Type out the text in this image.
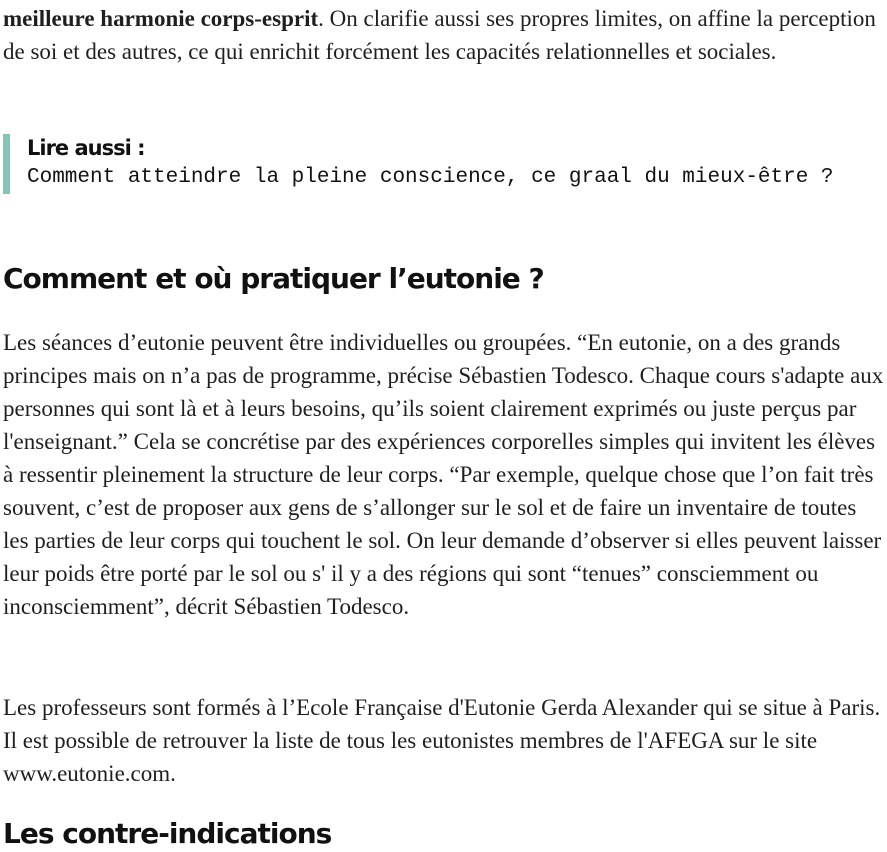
meilleure harmonie corps-esprit. On clarifie aussi ses propres limites, on affine la perception de soi et des autres, ce qui enrichit forcément les capacités relationnelles et sociales.

Lire aussi :

Comment atteindre la pleine conscience, ce graal du mieux-être ?
Comment et où pratiquer l’eutonie ?

Les séances d’eutonie peuvent être individuelles ou groupées. “En eutonie, on a des grands principes mais on n’a pas de programme, précise Sébastien Todesco. Chaque cours s'adapte aux personnes qui sont là et à leurs besoins, qu’ils soient clairement exprimés ou juste perçus par l'enseignant.” Cela se concrétise par des expériences corporelles simples qui invitent les élèves à ressentir pleinement la structure de leur corps. “Par exemple, quelque chose que l’on fait très souvent, c’est de proposer aux gens de s’allonger sur le sol et de faire un inventaire de toutes les parties de leur corps qui touchent le sol. On leur demande d’observer si elles peuvent laisser leur poids être porté par le sol ou s' il y a des régions qui sont “tenues” consciemment ou inconsciemment”, décrit Sébastien Todesco.

Les professeurs sont formés à l’Ecole Française d'Eutonie Gerda Alexander qui se situe à Paris. Il est possible de retrouver la liste de tous les eutonistes membres de l'AFEGA sur le site www.eutonie.com.

Les contre-indications
